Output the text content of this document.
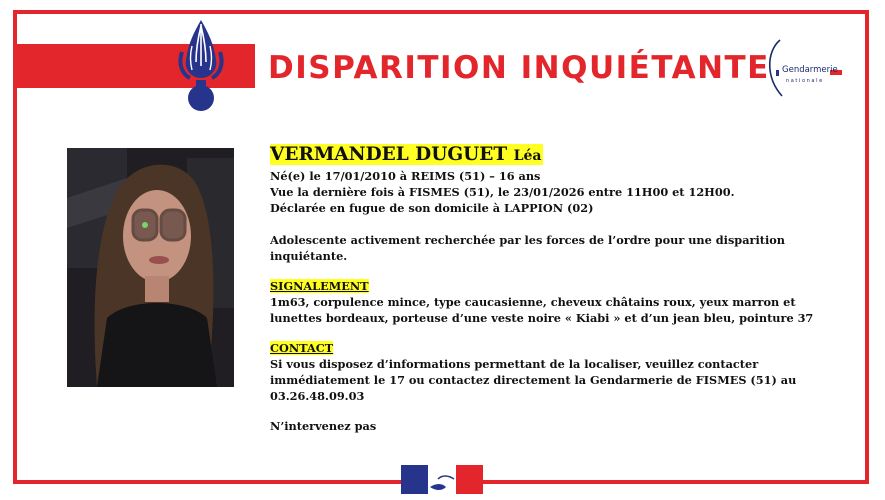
DISPARITION INQUIÉTANTE Gendarmerie
nationale

VERMANDEL DUGUET Léa

Né(e) le 17/01/2010 à REIMS (51) – 16 ans

Vue la dernière fois à FISMES (51), le 23/01/2026 entre 11H00 et 12H00.

Déclarée en fugue de son domicile à LAPPION (02)

Adolescente activement recherchée par les forces de l’ordre pour une disparition inquiétante.

SIGNALEMENT

1m63, corpulence mince, type caucasienne, cheveux châtains roux, yeux marron et lunettes bordeaux, porteuse d’une veste noire « Kiabi » et d’un jean bleu, pointure 37

CONTACT

Si vous disposez d’informations permettant de la localiser, veuillez contacter immédiatement le 17 ou contactez directement la Gendarmerie de FISMES (51) au 03.26.48.09.03

N’intervenez pas
